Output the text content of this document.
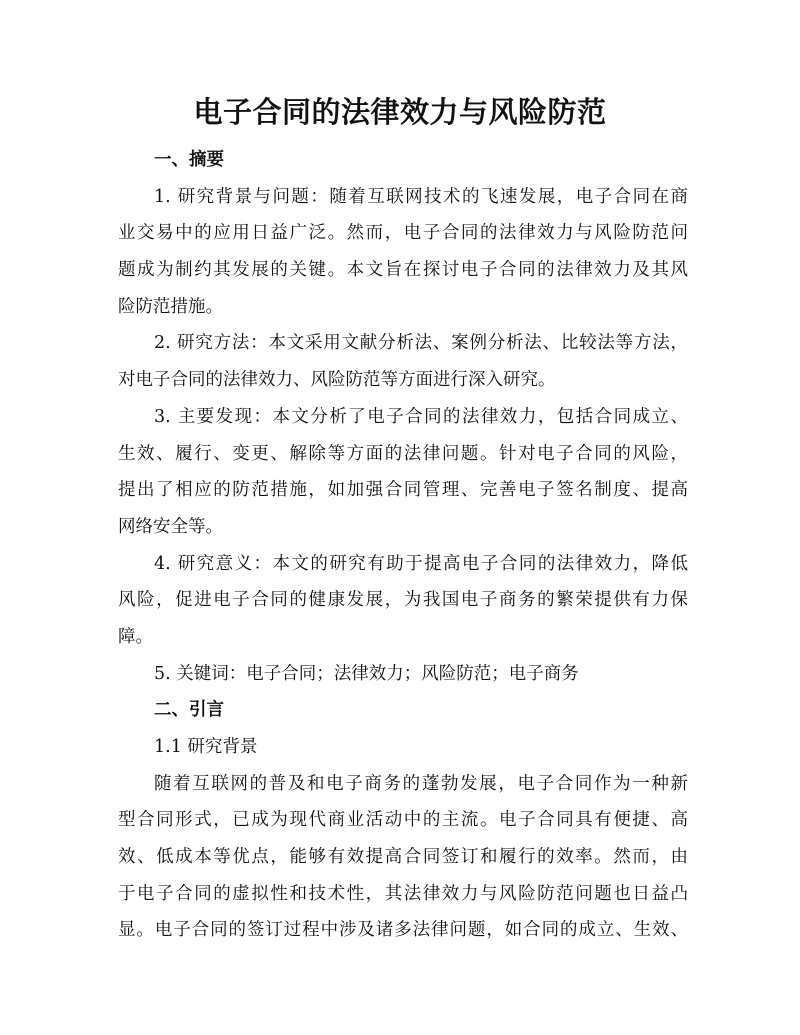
电子合同的法律效力与风险防范
一、摘要
1. 研究背景与问题：随着互联网技术的飞速发展，电子合同在商
业交易中的应用日益广泛。然而，电子合同的法律效力与风险防范问
题成为制约其发展的关键。本文旨在探讨电子合同的法律效力及其风
险防范措施。
2. 研究方法：本文采用文献分析法、案例分析法、比较法等方法，
对电子合同的法律效力、风险防范等方面进行深入研究。
3. 主要发现：本文分析了电子合同的法律效力，包括合同成立、
生效、履行、变更、解除等方面的法律问题。针对电子合同的风险，
提出了相应的防范措施，如加强合同管理、完善电子签名制度、提高
网络安全等。
4. 研究意义：本文的研究有助于提高电子合同的法律效力，降低
风险，促进电子合同的健康发展，为我国电子商务的繁荣提供有力保
障。
5. 关键词：电子合同；法律效力；风险防范；电子商务
二、引言
1.1 研究背景
随着互联网的普及和电子商务的蓬勃发展，电子合同作为一种新
型合同形式，已成为现代商业活动中的主流。电子合同具有便捷、高
效、低成本等优点，能够有效提高合同签订和履行的效率。然而，由
于电子合同的虚拟性和技术性，其法律效力与风险防范问题也日益凸
显。电子合同的签订过程中涉及诸多法律问题，如合同的成立、生效、
